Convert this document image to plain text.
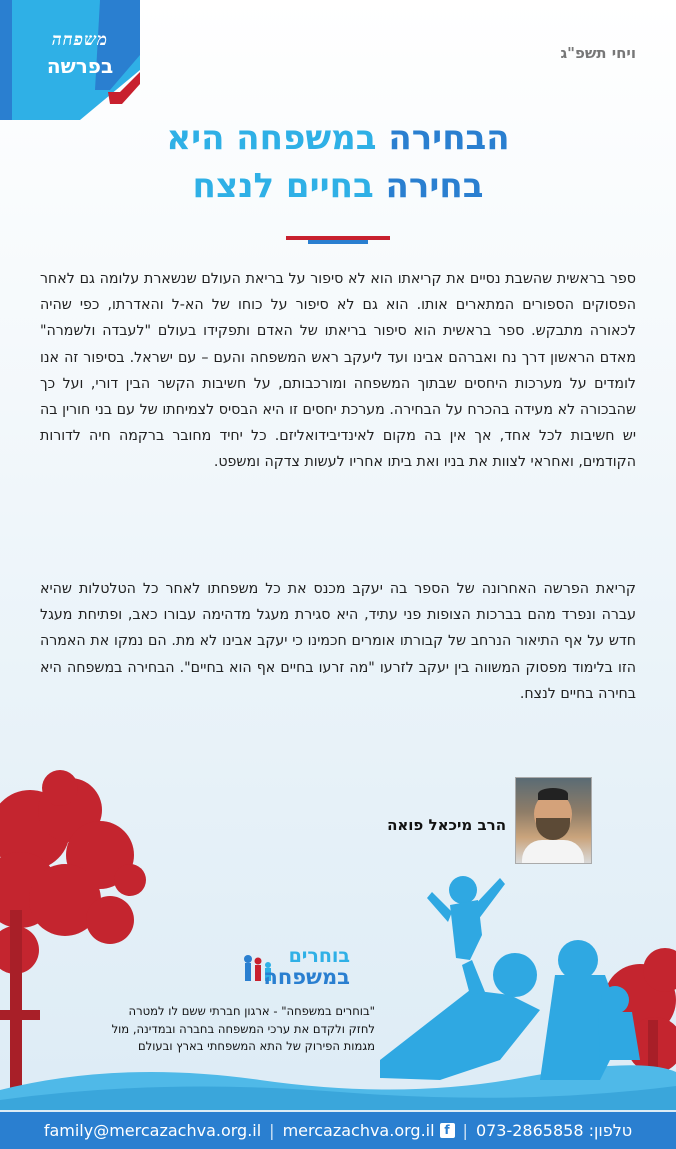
משפחה
בפרשה
ויחי תשפ"ג
הבחירה במשפחה היא
בחירה בחיים לנצח
ספר בראשית שהשבת נסיים את קריאתו הוא לא סיפור על בריאת העולם שנשארת עלומה גם לאחר הפסוקים הספורים המתארים אותו. הוא גם לא סיפור על כוחו של הא-ל והאדרתו, כפי שהיה לכאורה מתבקש. ספר בראשית הוא סיפור בריאתו של האדם ותפקידו בעולם "לעבדה ולשמרה" מאדם הראשון דרך נח ואברהם אבינו ועד ליעקב ראש המשפחה והעם – עם ישראל. בסיפור זה אנו לומדים על מערכות היחסים שבתוך המשפחה ומורכבותם, על חשיבות הקשר הבין דורי, ועל כך שהבכורה לא מעידה בהכרח על הבחירה. מערכת יחסים זו היא הבסיס לצמיחתו של עם בני חורין בה יש חשיבות לכל אחד, אך אין בה מקום לאינדיבידואליזם. כל יחיד מחובר ברקמה חיה לדורות הקודמים, ואחראי לצוות את בניו ואת ביתו אחריו לעשות צדקה ומשפט.
קריאת הפרשה האחרונה של הספר בה יעקב מכנס את כל משפחתו לאחר כל הטלטלות שהיא עברה ונפרד מהם בברכות הצופות פני עתיד, היא סגירת מעגל מדהימה עבורו כאב, ופתיחת מעגל חדש על אף התיאור הנרחב של קבורתו אומרים חכמינו כי יעקב אבינו לא מת. הם נמקו את האמרה הזו בלימוד מפסוק המשווה בין יעקב לזרעו "מה זרעו בחיים אף הוא בחיים". הבחירה במשפחה היא בחירה בחיים לנצח.
הרב מיכאל פואה
בוחרים
במשפחה
"בוחרים במשפחה" - ארגון חברתי ששם לו למטרה לחזק ולקדם את ערכי המשפחה בחברה ובמדינה, מול מגמות הפירוק של התא המשפחתי בארץ ובעולם
073-2865858 :טלפון
|
mercazachva.org.il f
|
family@mercazachva.org.il
